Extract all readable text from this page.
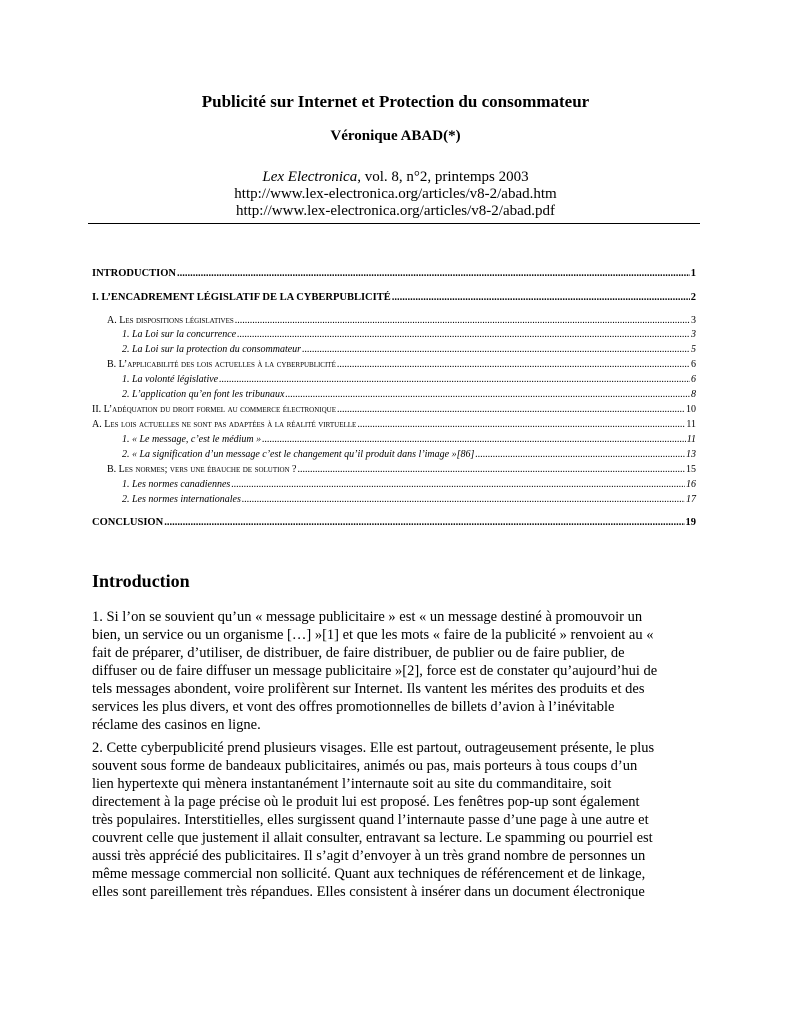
Publicité sur Internet et Protection du consommateur
Véronique ABAD(*)
Lex Electronica, vol. 8, n°2, printemps 2003
http://www.lex-electronica.org/articles/v8-2/abad.htm
http://www.lex-electronica.org/articles/v8-2/abad.pdf
INTRODUCTION .....	1
I. L’ENCADREMENT LÉGISLATIF DE LA CYBERPUBLICITÉ .....	2
A. Les dispositions législatives .....	3
1. La Loi sur la concurrence .....	3
2. La Loi sur la protection du consommateur .....	5
B. L’applicabilité des lois actuelles à la cyberpublicité .....	6
1. La volonté législative .....	6
2. L’application qu’en font les tribunaux .....	8
II. L’adéquation du droit formel au commerce électronique .....	10
A. Les lois actuelles ne sont pas adaptées à la réalité virtuelle .....	11
1. « Le message, c’est le médium » .....	11
2. « La signification d’un message c’est le changement qu’il produit dans l’image »[86] .....	13
B. Les normes; vers une ébauche de solution ? .....	15
1. Les normes canadiennes .....	16
2. Les normes internationales .....	17
CONCLUSION .....	19
Introduction
1. Si l’on se souvient qu’un « message publicitaire » est « un message destiné à promouvoir un
bien, un service ou un organisme […] »[1] et que les mots « faire de la publicité » renvoient au «
fait de préparer, d’utiliser, de distribuer, de faire distribuer, de publier ou de faire publier, de
diffuser ou de faire diffuser un message publicitaire »[2], force est de constater qu’aujourd’hui de
tels messages abondent, voire prolifèrent sur Internet. Ils vantent les mérites des produits et des
services les plus divers, et vont des offres promotionnelles de billets d’avion à l’inévitable
réclame des casinos en ligne.
2. Cette cyberpublicité prend plusieurs visages. Elle est partout, outrageusement présente, le plus
souvent sous forme de bandeaux publicitaires, animés ou pas, mais porteurs à tous coups d’un
lien hypertexte qui mènera instantanément l’internaute soit au site du commanditaire, soit
directement à la page précise où le produit lui est proposé. Les fenêtres pop-up sont également
très populaires. Interstitielles, elles surgissent quand l’internaute passe d’une page à une autre et
couvrent celle que justement il allait consulter, entravant sa lecture. Le spamming ou pourriel est
aussi très apprécié des publicitaires. Il s’agit d’envoyer à un très grand nombre de personnes un
même message commercial non sollicité. Quant aux techniques de référencement et de linkage,
elles sont pareillement très répandues. Elles consistent à insérer dans un document électronique
